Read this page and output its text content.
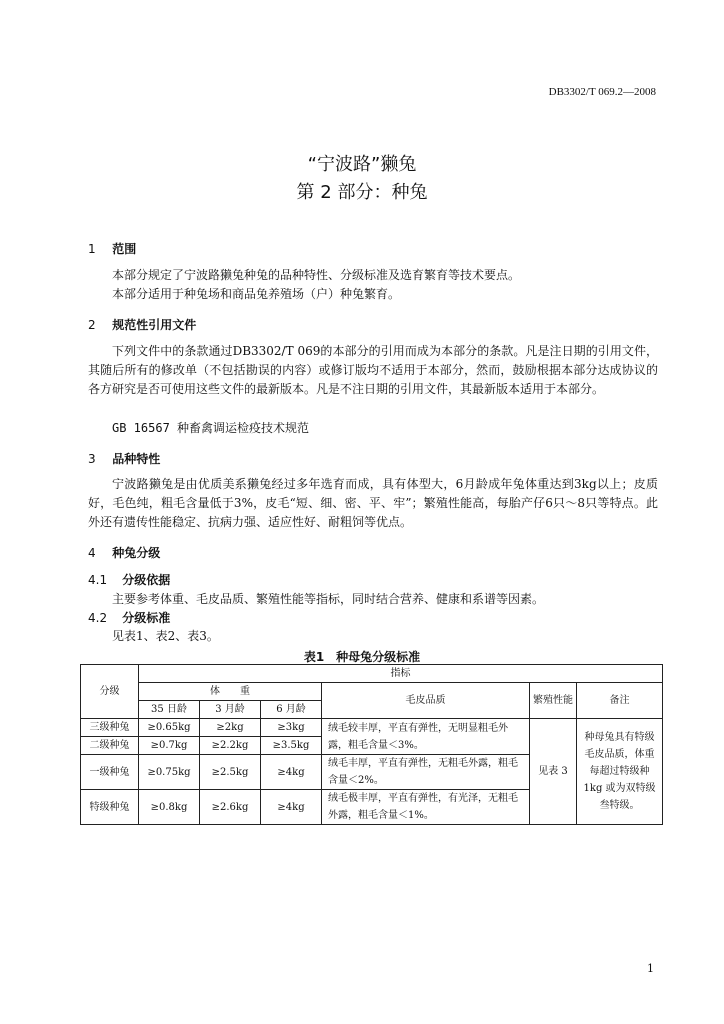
DB3302/T 069.2—2008
“宁波路”獭兔
第 2 部分：种兔
1 范围
本部分规定了宁波路獭兔种兔的品种特性、分级标准及选育繁育等技术要点。
本部分适用于种兔场和商品兔养殖场（户）种兔繁育。
2 规范性引用文件
下列文件中的条款通过DB3302/T 069的本部分的引用而成为本部分的条款。凡是注日期的引用文件，其随后所有的修改单（不包括勘误的内容）或修订版均不适用于本部分，然而，鼓励根据本部分达成协议的各方研究是否可使用这些文件的最新版本。凡是不注日期的引用文件，其最新版本适用于本部分。
GB 16567 种畜禽调运检疫技术规范
3 品种特性
宁波路獭兔是由优质美系獭兔经过多年选育而成，具有体型大，6月龄成年兔体重达到3kg以上；皮质好，毛色纯，粗毛含量低于3%，皮毛“短、细、密、平、牢”；繁殖性能高，每胎产仔6只～8只等特点。此外还有遗传性能稳定、抗病力强、适应性好、耐粗饲等优点。
4 种兔分级
4.1 分级依据
主要参考体重、毛皮品质、繁殖性能等指标，同时结合营养、健康和系谱等因素。
4.2 分级标准
见表1、表2、表3。
表1 种母兔分级标准
分级	指标					
	体　　重			毛皮品质	繁殖性能	备注
	35 日龄	3 月龄	6 月龄			
三级种兔	≥0.65kg	≥2kg	≥3kg	绒毛较丰厚，平直有弹性，无明显粗毛外露，粗毛含量＜3%。	见表 3	种母兔具有特级毛皮品质，体重每超过特级种1kg 或为双特级叁特级。
二级种兔	≥0.7kg	≥2.2kg	≥3.5kg			
一级种兔	≥0.75kg	≥2.5kg	≥4kg	绒毛丰厚，平直有弹性，无粗毛外露，粗毛含量＜2%。		
特级种兔	≥0.8kg	≥2.6kg	≥4kg	绒毛极丰厚，平直有弹性，有光泽，无粗毛外露，粗毛含量＜1%。		
1
